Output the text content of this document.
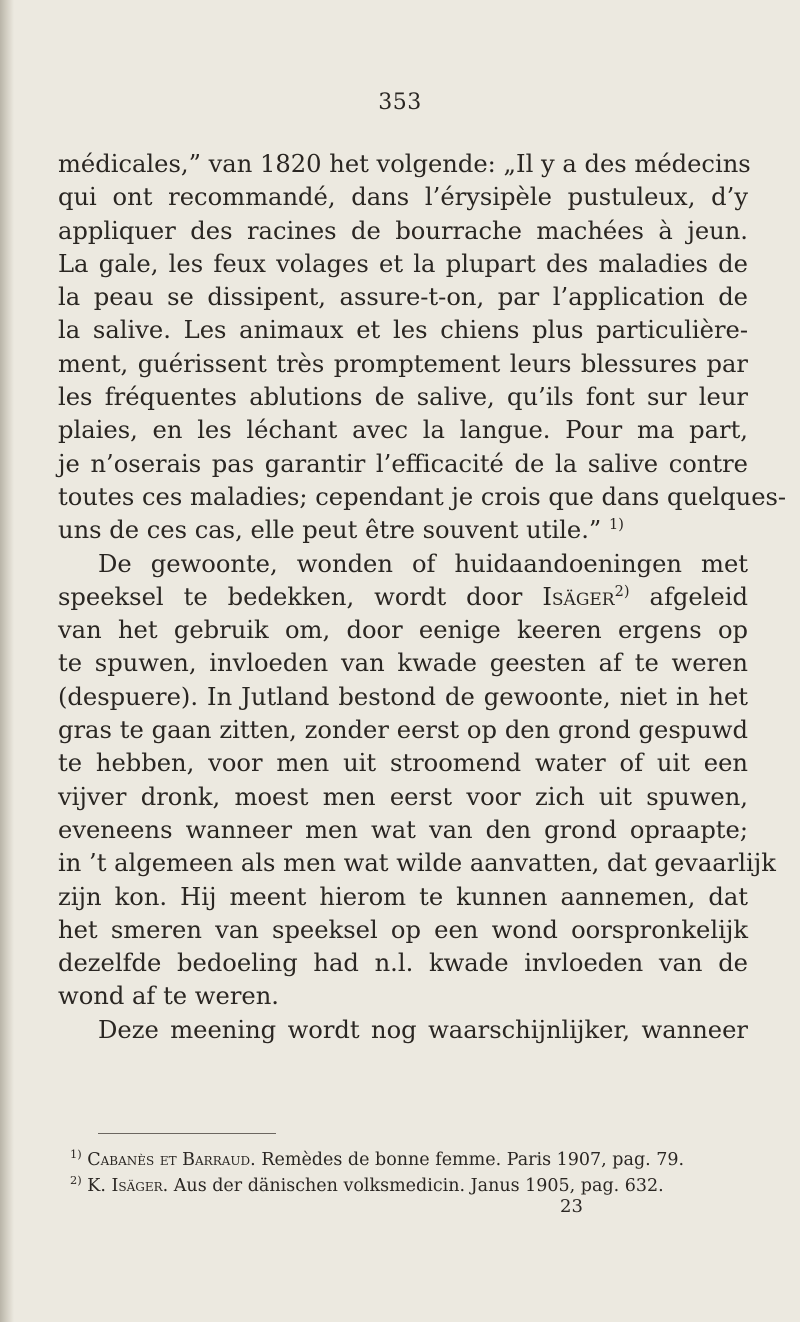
353
médicales,” van 1820 het volgende: „Il y a des médecins
qui ont recommandé, dans l’érysipèle pustuleux, d’y
appliquer des racines de bourrache machées à jeun.
La gale, les feux volages et la plupart des maladies de
la peau se dissipent, assure-t-on, par l’application de
la salive. Les animaux et les chiens plus particulière-
ment, guérissent très promptement leurs blessures par
les fréquentes ablutions de salive, qu’ils font sur leur
plaies, en les léchant avec la langue. Pour ma part,
je n’oserais pas garantir l’efficacité de la salive contre
toutes ces maladies; cependant je crois que dans quelques-
uns de ces cas, elle peut être souvent utile.” $^{1)}$
De gewoonte, wonden of huidaandoeningen met
speeksel te bedekken, wordt door Isäger$^{2)}$ afgeleid
van het gebruik om, door eenige keeren ergens op
te spuwen, invloeden van kwade geesten af te weren
(despuere). In Jutland bestond de gewoonte, niet in het
gras te gaan zitten, zonder eerst op den grond gespuwd
te hebben, voor men uit stroomend water of uit een
vijver dronk, moest men eerst voor zich uit spuwen,
eveneens wanneer men wat van den grond opraapte;
in ’t algemeen als men wat wilde aanvatten, dat gevaarlijk
zijn kon. Hij meent hierom te kunnen aannemen, dat
het smeren van speeksel op een wond oorspronkelijk
dezelfde bedoeling had n.l. kwade invloeden van de
wond af te weren.
Deze meening wordt nog waarschijnlijker, wanneer
$^{1)}$ Cabanès et Barraud. Remèdes de bonne femme. Paris 1907, pag. 79.
$^{2)}$ K. Isäger. Aus der dänischen volksmedicin. Janus 1905, pag. 632.
23
